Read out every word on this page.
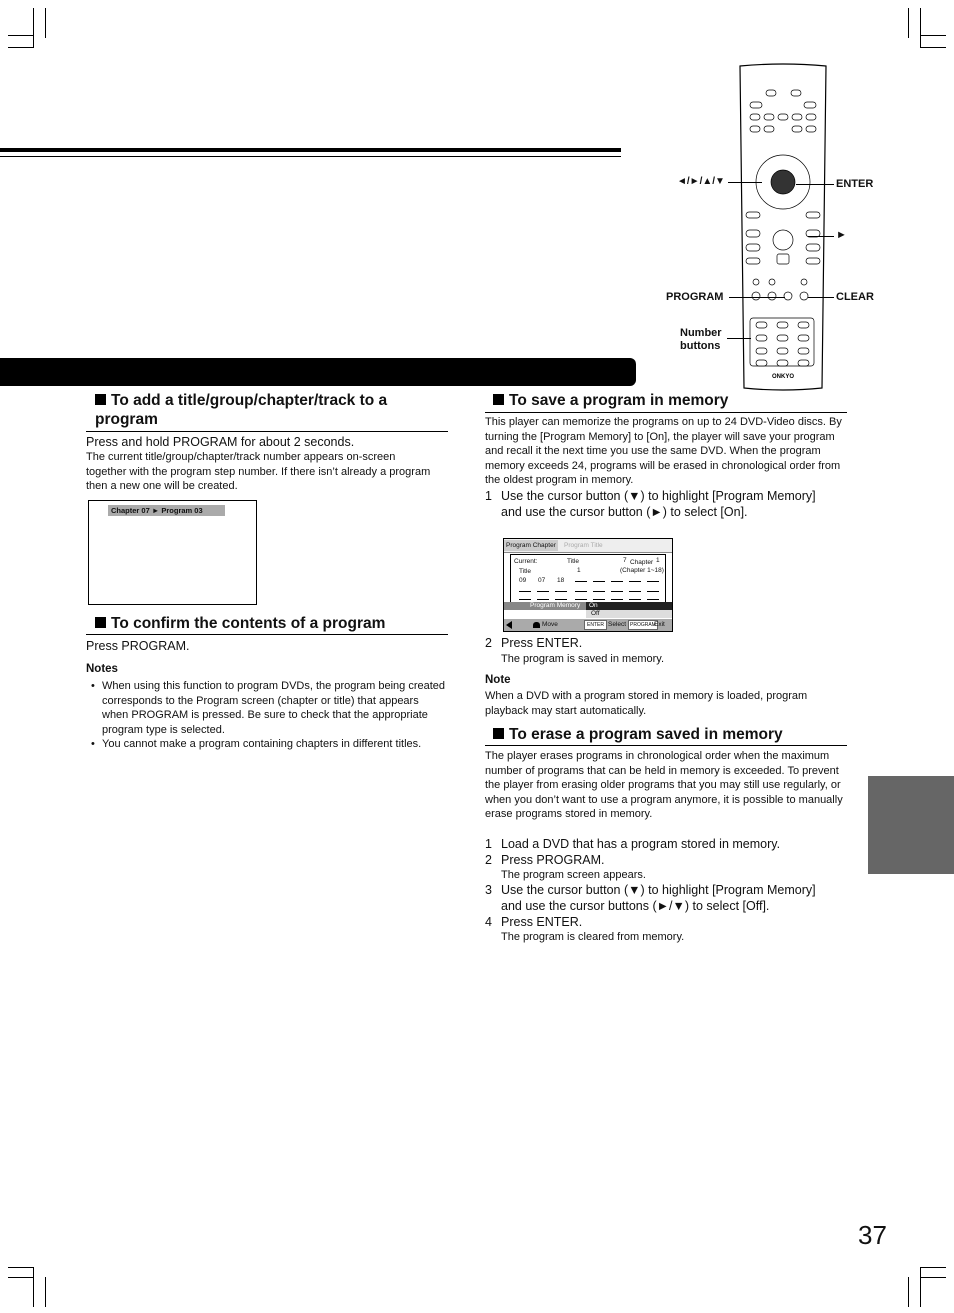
ONKYO
◄/►/▲/▼	ENTER
►
PROGRAM	CLEAR
Number buttons
To add a title/group/chapter/track to a program
Press and hold PROGRAM for about 2 seconds.
The current title/group/chapter/track number appears on-screen together with the program step number. If there isn’t already a program then a new one will be created.
Chapter 07 ► Program 03
To confirm the contents of a program
Press PROGRAM.
Notes
• When using this function to program DVDs, the program being created corresponds to the Program screen (chapter or title) that appears when PROGRAM is pressed. Be sure to check that the appropriate program type is selected.
• You cannot make a program containing chapters in different titles.
To save a program in memory
This player can memorize the programs on up to 24 DVD-Video discs. By turning the [Program Memory] to [On], the player will save your program and recall it the next time you use the same DVD. When the program memory exceeds 24, programs will be erased in chronological order from the oldest program in memory.
1 Use the cursor button (▼) to highlight [Program Memory] and use the cursor button (►) to select [On].
Program Chapter	Program Title
Current:	Title
1
7 Chapter 1
(Chapter 1~18)
Title
09 07 18
Program Memory	On
Off
Move	ENTER Select PROGRAM
Exit
2 Press ENTER.
The program is saved in memory.
Note
When a DVD with a program stored in memory is loaded, program playback may start automatically.
To erase a program saved in memory
The player erases programs in chronological order when the maximum number of programs that can be held in memory is exceeded. To prevent the player from erasing older programs that you may still use regularly, or when you don’t want to use a program anymore, it is possible to manually erase programs stored in memory.
1 Load a DVD that has a program stored in memory.
2 Press PROGRAM.
The program screen appears.
3 Use the cursor button (▼) to highlight [Program Memory] and use the cursor buttons (►/▼) to select [Off].
4 Press ENTER.
The program is cleared from memory.
37
